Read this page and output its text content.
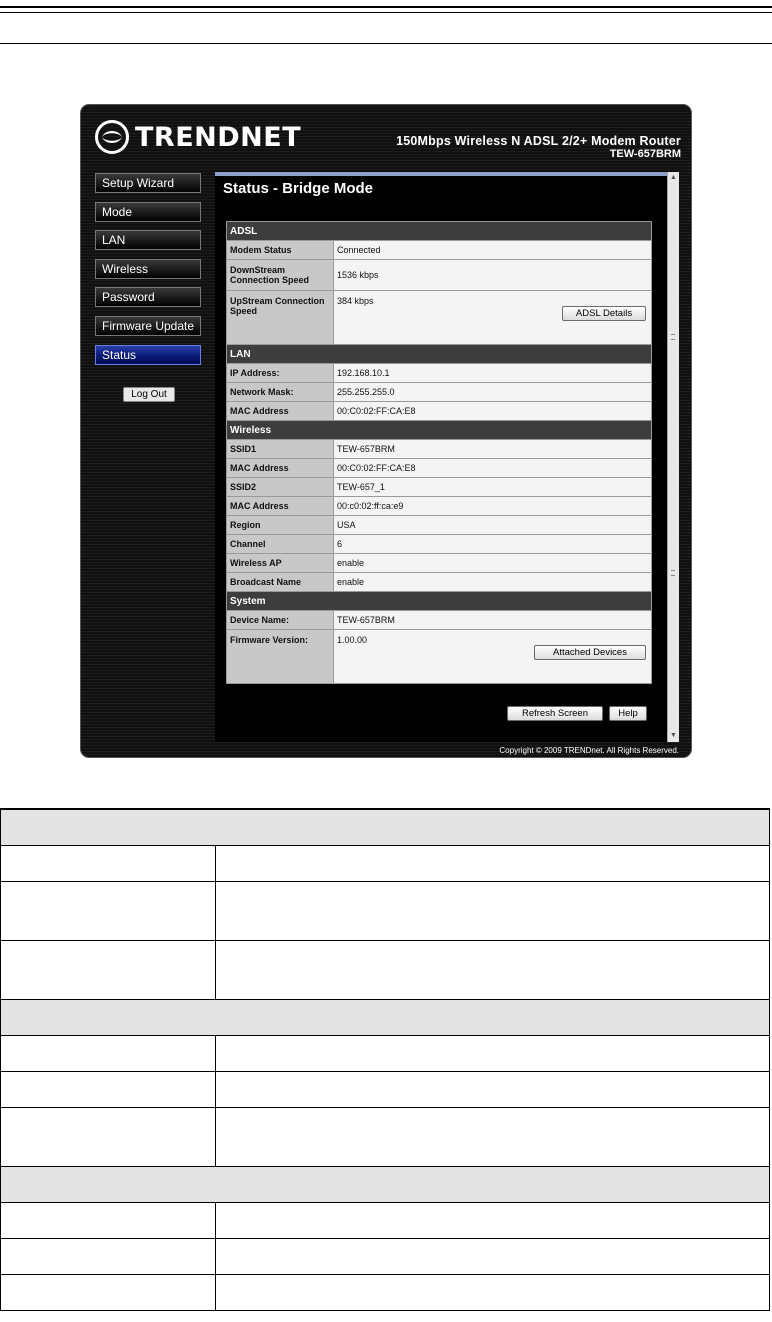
TRENDNET	150Mbps Wireless N ADSL 2/2+ Modem Router
TEW-657BRM
Setup Wizard
Mode
LAN
Wireless
Password
Firmware Update
Status
Log Out
Status - Bridge Mode
ADSL	
Modem Status	Connected
DownStream Connection Speed	1536 kbps
UpStream Connection Speed	384 kbps
ADSL Details

LAN	
IP Address:	192.168.10.1
Network Mask:	255.255.255.0
MAC Address	00:C0:02:FF:CA:E8
Wireless	
SSID1	TEW-657BRM
MAC Address	00:C0:02:FF:CA:E8
SSID2	TEW-657_1
MAC Address	00:c0:02:ff:ca:e9
Region	USA
Channel	6
Wireless AP	enable
Broadcast Name	enable
System	
Device Name:	TEW-657BRM
Firmware Version:	1.00.00
Attached Devices
Refresh Screen	Help
▲
▼
Copyright © 2009 TRENDnet. All Rights Reserved.
